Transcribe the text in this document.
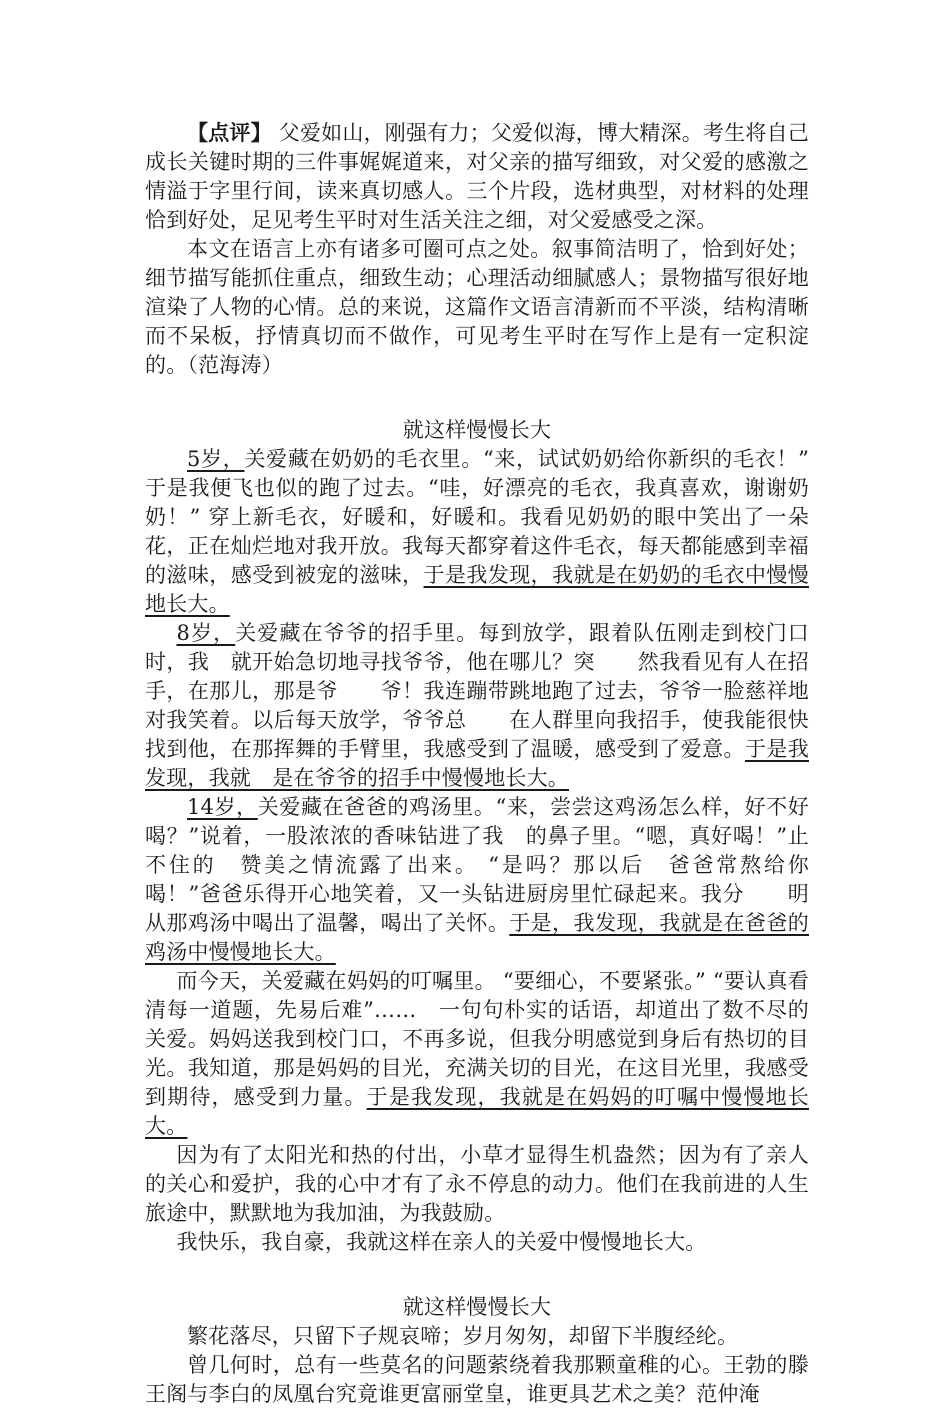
【点评】 父爱如山，刚强有力；父爱似海，博大精深。考生将自己成长关键时期的三件事娓娓道来，对父亲的描写细致，对父爱的感激之情溢于字里行间，读来真切感人。三个片段，选材典型，对材料的处理恰到好处，足见考生平时对生活关注之细，对父爱感受之深。

本文在语言上亦有诸多可圈可点之处。叙事简洁明了，恰到好处；细节描写能抓住重点，细致生动；心理活动细腻感人；景物描写很好地渲染了人物的心情。总的来说，这篇作文语言清新而不平淡，结构清晰而不呆板，抒情真切而不做作，可见考生平时在写作上是有一定积淀的。（范海涛）

就这样慢慢长大

5岁，关爱藏在奶奶的毛衣里。“来，试试奶奶给你新织的毛衣！” 于是我便飞也似的跑了过去。“哇，好漂亮的毛衣，我真喜欢，谢谢奶奶！” 穿上新毛衣，好暖和，好暖和。我看见奶奶的眼中笑出了一朵花，正在灿烂地对我开放。我每天都穿着这件毛衣，每天都能感到幸福的滋味，感受到被宠的滋味，于是我发现，我就是在奶奶的毛衣中慢慢地长大。

8岁，关爱藏在爷爷的招手里。每到放学，跟着队伍刚走到校门口时，我　就开始急切地寻找爷爷，他在哪儿？突　　然我看见有人在招手，在那儿，那是爷　　爷！我连蹦带跳地跑了过去，爷爷一脸慈祥地对我笑着。以后每天放学，爷爷总　　在人群里向我招手，使我能很快找到他，在那挥舞的手臂里，我感受到了温暖，感受到了爱意。于是我发现，我就　是在爷爷的招手中慢慢地长大。

14岁，关爱藏在爸爸的鸡汤里。“来，尝尝这鸡汤怎么样，好不好　喝？”说着，一股浓浓的香味钻进了我　的鼻子里。“嗯，真好喝！”止不住的　赞美之情流露了出来。 “是吗？那以后　爸爸常熬给你喝！”爸爸乐得开心地笑着，又一头钻进厨房里忙碌起来。我分　　明从那鸡汤中喝出了温馨，喝出了关怀。于是，我发现，我就是在爸爸的鸡汤中慢慢地长大。

而今天，关爱藏在妈妈的叮嘱里。 “要细心，不要紧张。” “要认真看清每一道题，先易后难”……　一句句朴实的话语，却道出了数不尽的关爱。妈妈送我到校门口，不再多说，但我分明感觉到身后有热切的目光。我知道，那是妈妈的目光，充满关切的目光，在这目光里，我感受到期待，感受到力量。于是我发现，我就是在妈妈的叮嘱中慢慢地长大。

因为有了太阳光和热的付出，小草才显得生机盎然；因为有了亲人的关心和爱护，我的心中才有了永不停息的动力。他们在我前进的人生旅途中，默默地为我加油，为我鼓励。

我快乐，我自豪，我就这样在亲人的关爱中慢慢地长大。

就这样慢慢长大

繁花落尽，只留下子规哀啼；岁月匆匆，却留下半腹经纶。

曾几何时，总有一些莫名的问题萦绕着我那颗童稚的心。王勃的滕王阁与李白的凤凰台究竟谁更富丽堂皇，谁更具艺术之美？范仲淹
